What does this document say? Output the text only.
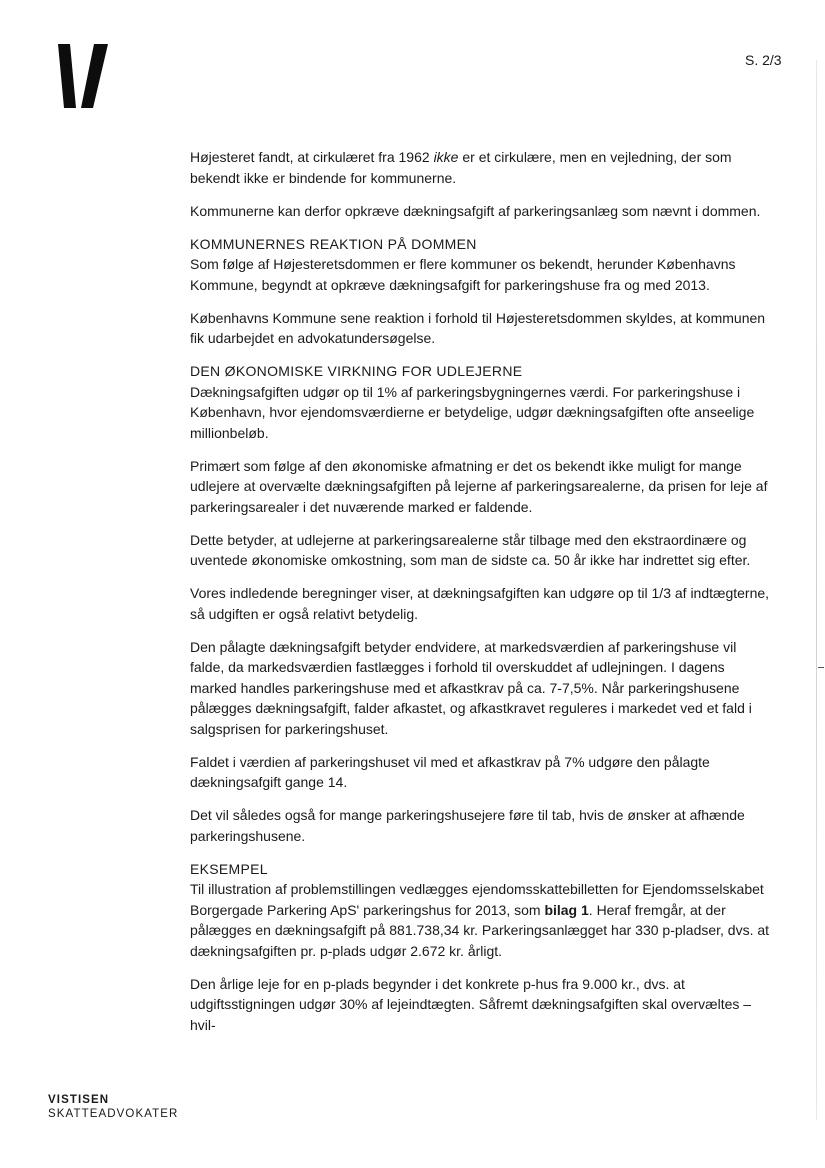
S. 2/3

Højesteret fandt, at cirkulæret fra 1962 ikke er et cirkulære, men en vejledning, der som bekendt ikke er bindende for kommunerne.

Kommunerne kan derfor opkræve dækningsafgift af parkeringsanlæg som nævnt i dommen.

KOMMUNERNES REAKTION PÅ DOMMEN

Som følge af Højesteretsdommen er flere kommuner os bekendt, herunder Københavns Kommune, begyndt at opkræve dækningsafgift for parkeringshuse fra og med 2013.

Københavns Kommune sene reaktion i forhold til Højesteretsdommen skyldes, at kommunen fik udarbejdet en advokatundersøgelse.

DEN ØKONOMISKE VIRKNING FOR UDLEJERNE

Dækningsafgiften udgør op til 1% af parkeringsbygningernes værdi. For parkeringshuse i København, hvor ejendomsværdierne er betydelige, udgør dækningsafgiften ofte anseelige millionbeløb.

Primært som følge af den økonomiske afmatning er det os bekendt ikke muligt for mange udlejere at overvælte dækningsafgiften på lejerne af parkeringsarealerne, da prisen for leje af parkeringsarealer i det nuværende marked er faldende.

Dette betyder, at udlejerne at parkeringsarealerne står tilbage med den ekstraordinære og uventede økonomiske omkostning, som man de sidste ca. 50 år ikke har indrettet sig efter.

Vores indledende beregninger viser, at dækningsafgiften kan udgøre op til 1/3 af indtægterne, så udgiften er også relativt betydelig.

Den pålagte dækningsafgift betyder endvidere, at markedsværdien af parkeringshuse vil falde, da markedsværdien fastlægges i forhold til overskuddet af udlejningen. I dagens marked handles parkeringshuse med et afkastkrav på ca. 7-7,5%. Når parkeringshusene pålægges dækningsafgift, falder afkastet, og afkastkravet reguleres i markedet ved et fald i salgsprisen for parkeringshuset.

Faldet i værdien af parkeringshuset vil med et afkastkrav på 7% udgøre den pålagte dækningsafgift gange 14.

Det vil således også for mange parkeringshusejere føre til tab, hvis de ønsker at afhænde parkeringshusene.

EKSEMPEL

Til illustration af problemstillingen vedlægges ejendomsskattebilletten for Ejendomsselskabet Borgergade Parkering ApS' parkeringshus for 2013, som bilag 1. Heraf fremgår, at der pålægges en dækningsafgift på 881.738,34 kr. Parkeringsanlægget har 330 p-pladser, dvs. at dækningsafgiften pr. p-plads udgør 2.672 kr. årligt.

Den årlige leje for en p-plads begynder i det konkrete p-hus fra 9.000 kr., dvs. at udgiftsstigningen udgør 30% af lejeindtægten. Såfremt dækningsafgiften skal overvæltes – hvil-

VISTISEN
SKATTEADVOKATER
